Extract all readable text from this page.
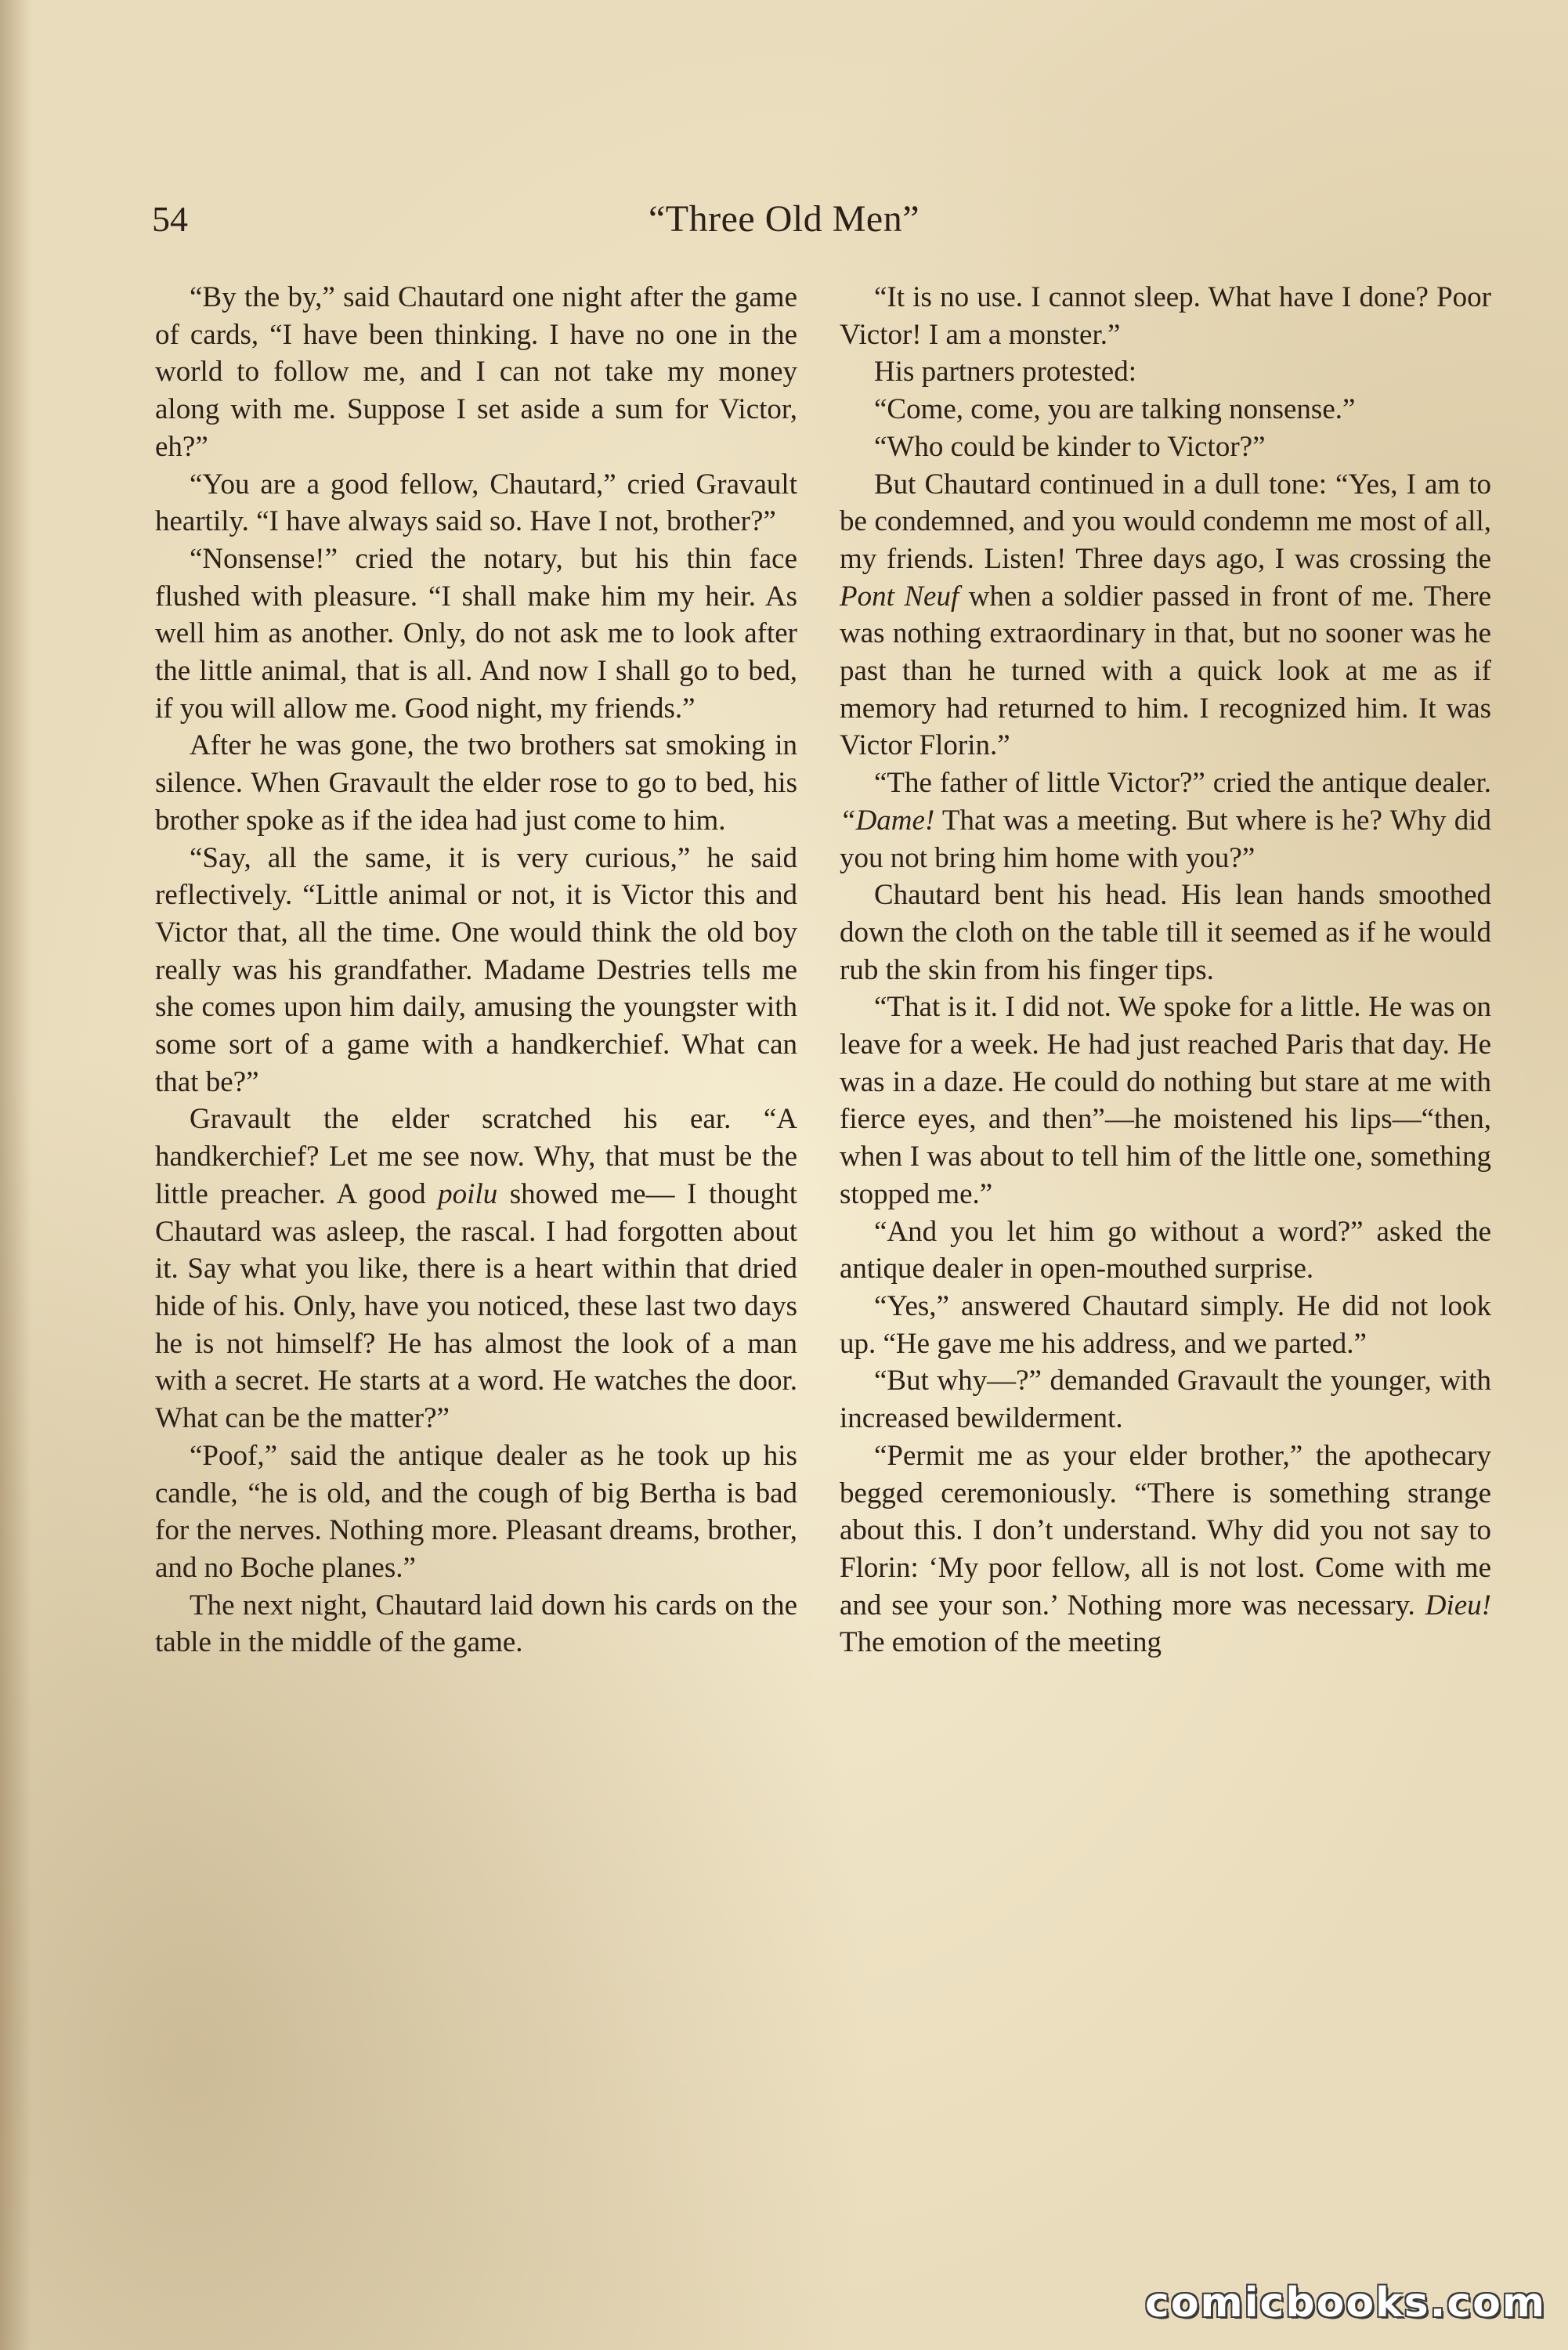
54	“Three Old Men”

“By the by,” said Chautard one night after the game of cards, “I have been thinking. I have no one in the world to follow me, and I can not take my money along with me. Suppose I set aside a sum for Victor, eh?”

“You are a good fellow, Chautard,” cried Gravault heartily. “I have always said so. Have I not, brother?”

“Nonsense!” cried the notary, but his thin face flushed with pleasure. “I shall make him my heir. As well him as another. Only, do not ask me to look after the little animal, that is all. And now I shall go to bed, if you will allow me. Good night, my friends.”

After he was gone, the two brothers sat smoking in silence. When Gravault the elder rose to go to bed, his brother spoke as if the idea had just come to him.

“Say, all the same, it is very curious,” he said reflectively. “Little animal or not, it is Victor this and Victor that, all the time. One would think the old boy really was his grandfather. Madame Destries tells me she comes upon him daily, amusing the youngster with some sort of a game with a handkerchief. What can that be?”

Gravault the elder scratched his ear. “A handkerchief? Let me see now. Why, that must be the little preacher. A good poilu showed me— I thought Chautard was asleep, the rascal. I had forgotten about it. Say what you like, there is a heart within that dried hide of his. Only, have you noticed, these last two days he is not himself? He has almost the look of a man with a secret. He starts at a word. He watches the door. What can be the matter?”

“Poof,” said the antique dealer as he took up his candle, “he is old, and the cough of big Bertha is bad for the nerves. Nothing more. Pleasant dreams, brother, and no Boche planes.”

The next night, Chautard laid down his cards on the table in the middle of the game.

“It is no use. I cannot sleep. What have I done? Poor Victor! I am a monster.”

His partners protested:

“Come, come, you are talking nonsense.”

“Who could be kinder to Victor?”

But Chautard continued in a dull tone: “Yes, I am to be condemned, and you would condemn me most of all, my friends. Listen! Three days ago, I was crossing the Pont Neuf when a soldier passed in front of me. There was nothing extraordinary in that, but no sooner was he past than he turned with a quick look at me as if memory had returned to him. I recognized him. It was Victor Florin.”

“The father of little Victor?” cried the antique dealer. “Dame! That was a meeting. But where is he? Why did you not bring him home with you?”

Chautard bent his head. His lean hands smoothed down the cloth on the table till it seemed as if he would rub the skin from his finger tips.

“That is it. I did not. We spoke for a little. He was on leave for a week. He had just reached Paris that day. He was in a daze. He could do nothing but stare at me with fierce eyes, and then”—he moistened his lips—“then, when I was about to tell him of the little one, something stopped me.”

“And you let him go without a word?” asked the antique dealer in open-mouthed surprise.

“Yes,” answered Chautard simply. He did not look up. “He gave me his address, and we parted.”

“But why—?” demanded Gravault the younger, with increased bewilderment.

“Permit me as your elder brother,” the apothecary begged ceremoniously. “There is something strange about this. I don’t understand. Why did you not say to Florin: ‘My poor fellow, all is not lost. Come with me and see your son.’ Nothing more was necessary. Dieu! The emotion of the meeting

comicbooks.com
